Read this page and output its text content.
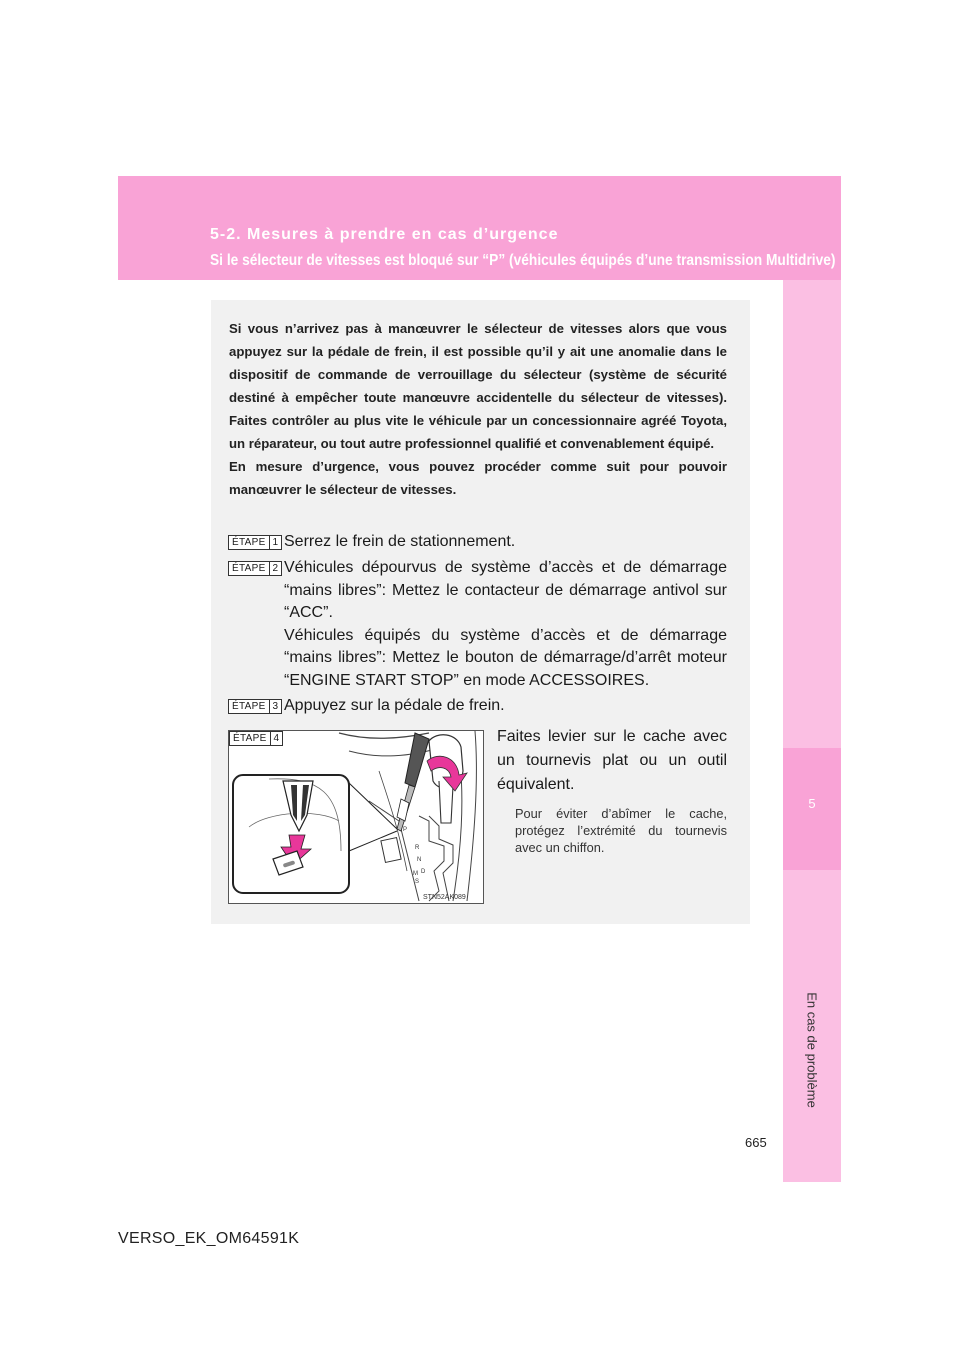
5-2. Mesures à prendre en cas d’urgence
Si le sélecteur de vitesses est bloqué sur “P” (véhicules équipés d’une transmission Multidrive)
5
En cas de problème

Si vous n’arrivez pas à manœuvrer le sélecteur de vitesses alors que vous appuyez sur la pédale de frein, il est possible qu’il y ait une anomalie dans le dispositif de commande de verrouillage du sélecteur (système de sécurité destiné à empêcher toute manœuvre accidentelle du sélecteur de vitesses). Faites contrôler au plus vite le véhicule par un concessionnaire agréé Toyota, un réparateur, ou tout autre professionnel qualifié et convenablement équipé.

En mesure d’urgence, vous pouvez procéder comme suit pour pouvoir manœuvrer le sélecteur de vitesses.

ÉTAPE 1 Serrez le frein de stationnement.

ÉTAPE 2 Véhicules dépourvus de système d’accès et de démarrage “mains libres”: Mettez le contacteur de démarrage antivol sur “ACC”.

Véhicules équipés du système d’accès et de démarrage “mains libres”: Mettez le bouton de démarrage/d’arrêt moteur “ENGINE START STOP” en mode ACCESSOIRES.

ÉTAPE 3 Appuyez sur la pédale de frein.

P
R
N
D
M
S
STN52AK089
ÉTAPE 4	Faites levier sur le cache avec un tournevis plat ou un outil équivalent.
Pour éviter d’abîmer le cache, protégez l’extrémité du tournevis avec un chiffon.
665
VERSO_EK_OM64591K
